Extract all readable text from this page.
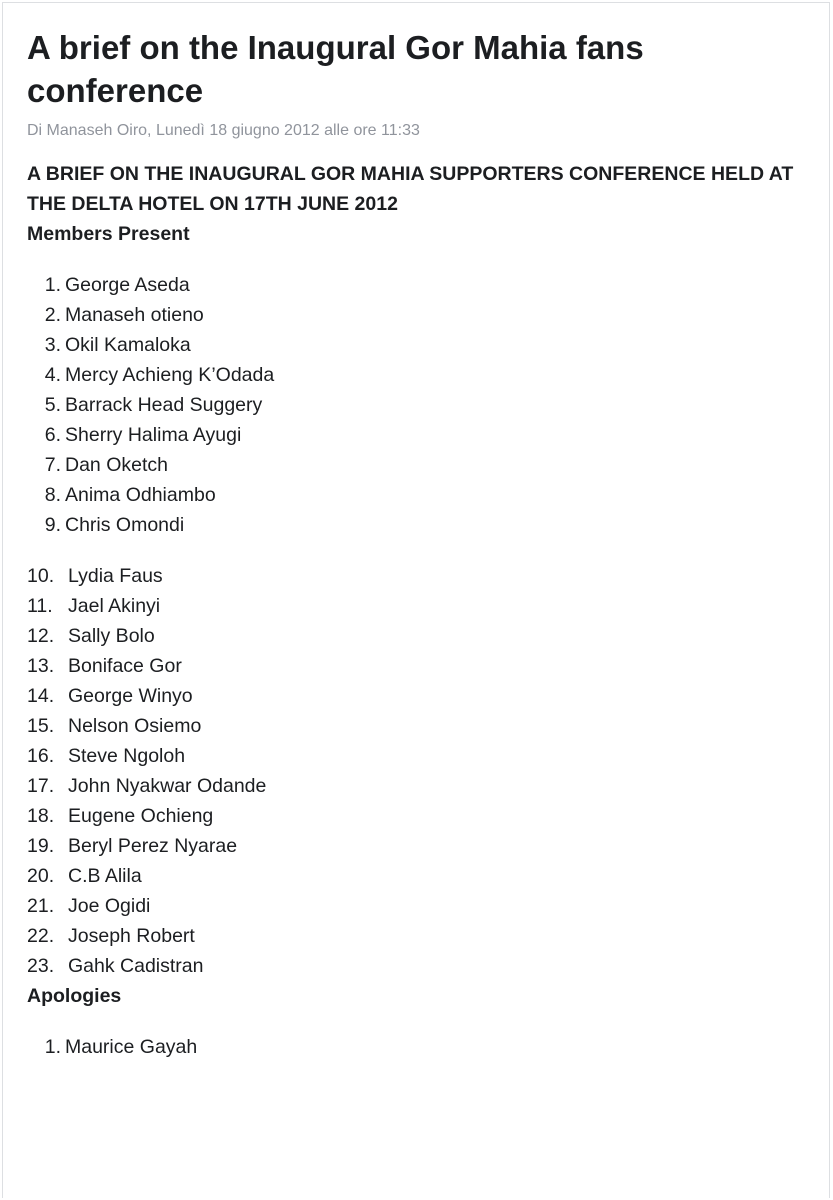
A brief on the Inaugural Gor Mahia fans conference
Di Manaseh Oiro, Lunedì 18 giugno 2012 alle ore 11:33
A BRIEF ON THE INAUGURAL GOR MAHIA SUPPORTERS CONFERENCE HELD AT THE DELTA HOTEL ON 17TH JUNE 2012
Members Present
1. George Aseda
2. Manaseh otieno
3. Okil Kamaloka
4. Mercy Achieng K’Odada
5. Barrack Head Suggery
6. Sherry Halima Ayugi
7. Dan Oketch
8. Anima Odhiambo
9. Chris Omondi
10. Lydia Faus
11. Jael Akinyi
12. Sally Bolo
13. Boniface Gor
14. George Winyo
15. Nelson Osiemo
16. Steve Ngoloh
17. John Nyakwar Odande
18. Eugene Ochieng
19. Beryl Perez Nyarae
20. C.B Alila
21. Joe Ogidi
22. Joseph Robert
23. Gahk Cadistran
Apologies
1. Maurice Gayah
